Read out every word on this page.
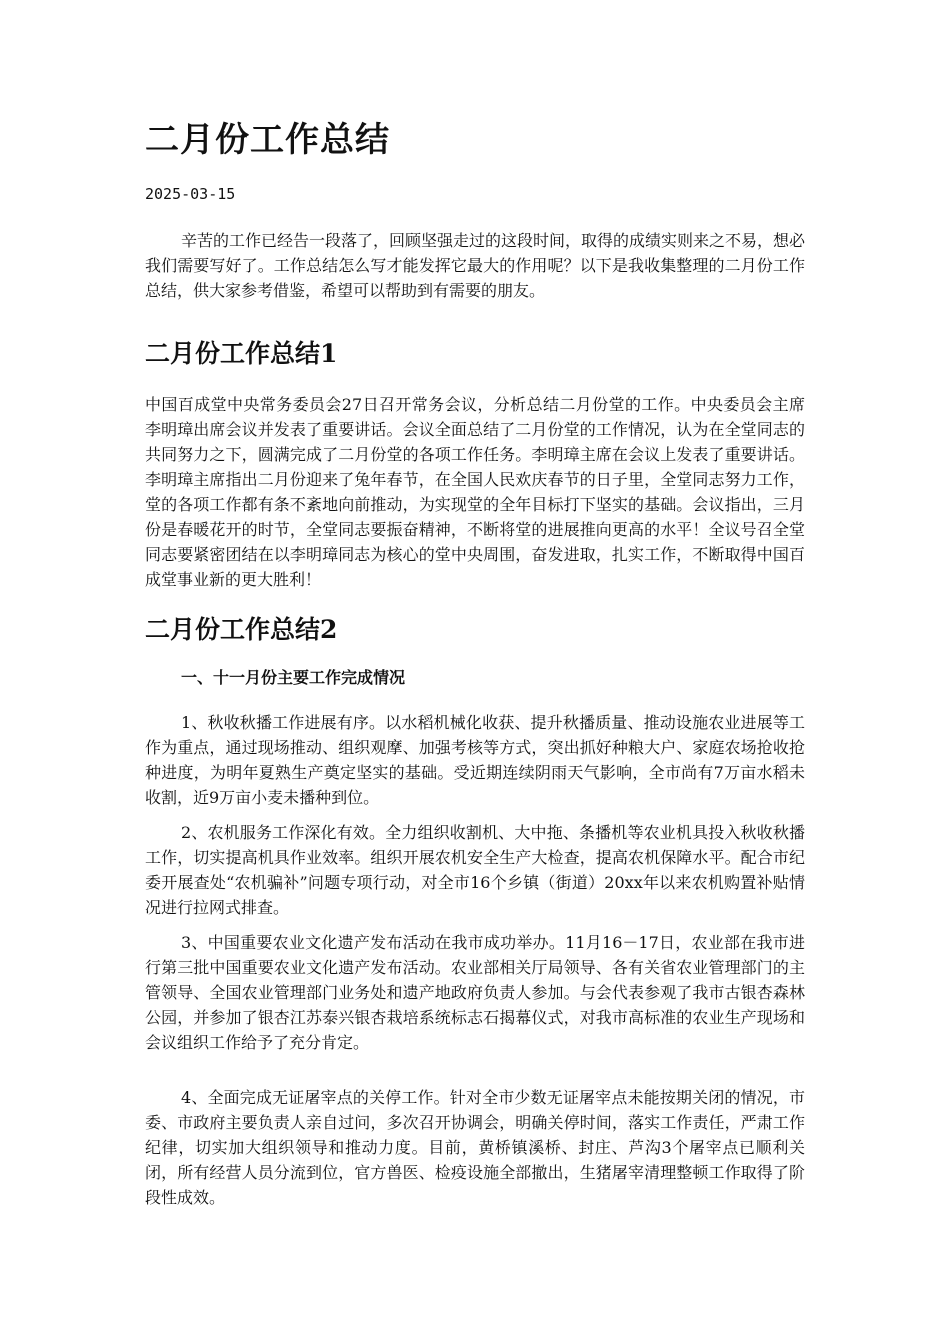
二月份工作总结
2025-03-15

辛苦的工作已经告一段落了，回顾坚强走过的这段时间，取得的成绩实则来之不易，想必我们需要写好了。工作总结怎么写才能发挥它最大的作用呢？以下是我收集整理的二月份工作总结，供大家参考借鉴，希望可以帮助到有需要的朋友。

二月份工作总结1

中国百成堂中央常务委员会27日召开常务会议，分析总结二月份堂的工作。中央委员会主席李明璋出席会议并发表了重要讲话。会议全面总结了二月份堂的工作情况，认为在全堂同志的共同努力之下，圆满完成了二月份堂的各项工作任务。李明璋主席在会议上发表了重要讲话。李明璋主席指出二月份迎来了兔年春节，在全国人民欢庆春节的日子里，全堂同志努力工作，堂的各项工作都有条不紊地向前推动，为实现堂的全年目标打下坚实的基础。会议指出，三月份是春暖花开的时节，全堂同志要振奋精神，不断将堂的进展推向更高的水平！全议号召全堂同志要紧密团结在以李明璋同志为核心的堂中央周围，奋发进取，扎实工作，不断取得中国百成堂事业新的更大胜利！

二月份工作总结2
一、十一月份主要工作完成情况

1、秋收秋播工作进展有序。以水稻机械化收获、提升秋播质量、推动设施农业进展等工作为重点，通过现场推动、组织观摩、加强考核等方式，突出抓好种粮大户、家庭农场抢收抢种进度，为明年夏熟生产奠定坚实的基础。受近期连续阴雨天气影响，全市尚有7万亩水稻未收割，近9万亩小麦未播种到位。

2、农机服务工作深化有效。全力组织收割机、大中拖、条播机等农业机具投入秋收秋播工作，切实提高机具作业效率。组织开展农机安全生产大检查，提高农机保障水平。配合市纪委开展查处“农机骗补”问题专项行动，对全市16个乡镇（街道）20xx年以来农机购置补贴情况进行拉网式排查。

3、中国重要农业文化遗产发布活动在我市成功举办。11月16－17日，农业部在我市进行第三批中国重要农业文化遗产发布活动。农业部相关厅局领导、各有关省农业管理部门的主管领导、全国农业管理部门业务处和遗产地政府负责人参加。与会代表参观了我市古银杏森林公园，并参加了银杏江苏泰兴银杏栽培系统标志石揭幕仪式，对我市高标准的农业生产现场和会议组织工作给予了充分肯定。

4、全面完成无证屠宰点的关停工作。针对全市少数无证屠宰点未能按期关闭的情况，市委、市政府主要负责人亲自过问，多次召开协调会，明确关停时间，落实工作责任，严肃工作纪律，切实加大组织领导和推动力度。目前，黄桥镇溪桥、封庄、芦沟3个屠宰点已顺利关闭，所有经营人员分流到位，官方兽医、检疫设施全部撤出，生猪屠宰清理整顿工作取得了阶段性成效。
